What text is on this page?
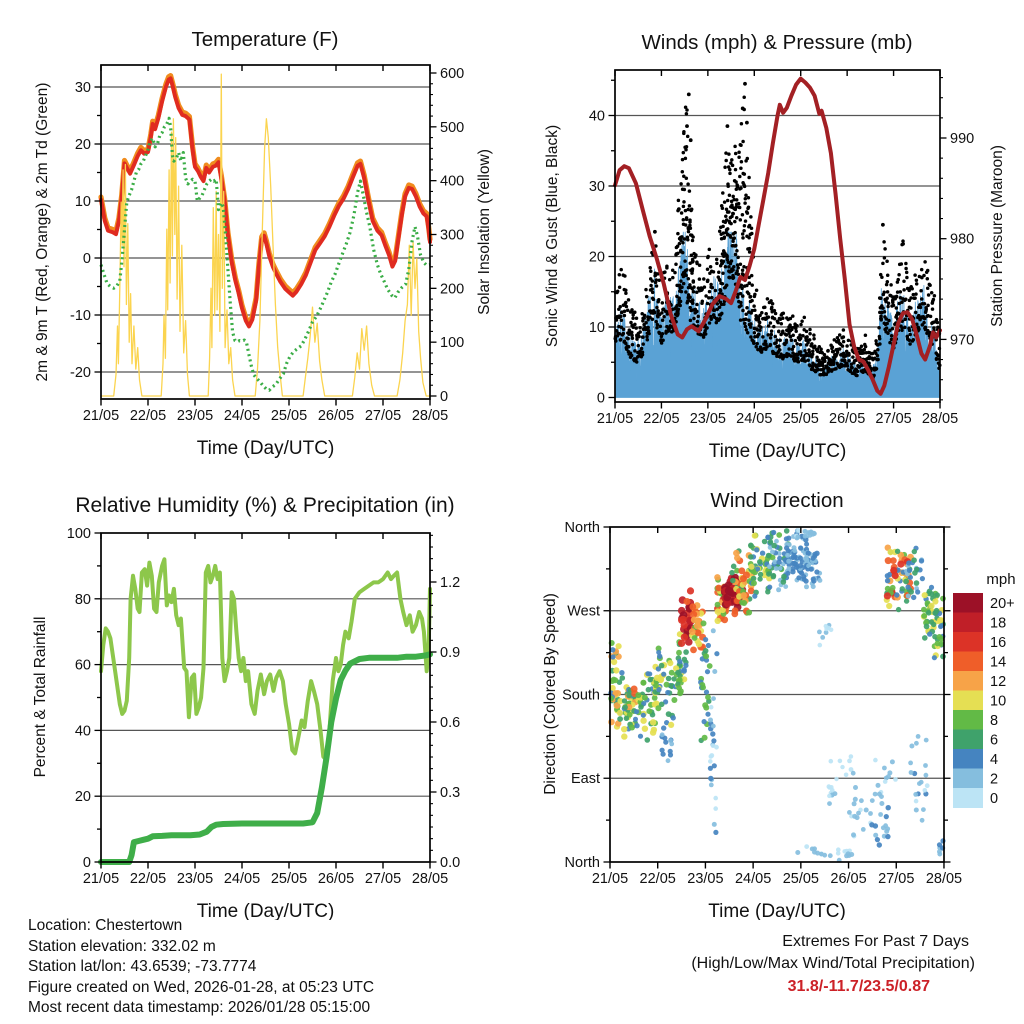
30
20
10
0
-10
-20
600
500
400
300
200
100
0
21/05 22/05 23/05 24/05 25/05 26/05 27/05 28/05
Time (Day/UTC)
Temperature (F)
2m & 9m T (Red, Orange) & 2m Td (Green)	Solar Insolation (Yellow)
40
30
20
10
0
990
980
970
21/05 22/05 23/05 24/05 25/05 26/05 27/05 28/05
Time (Day/UTC)
Winds (mph) & Pressure (mb)
Sonic Wind & Gust (Blue, Black)	Station Pressure (Maroon)
100
80
60
40
20
0
1.2
0.9
0.6
0.3
0.0
21/05 22/05 23/05 24/05 25/05 26/05 27/05 28/05
Time (Day/UTC)
Relative Humidity (%) & Precipitation (in)
Percent & Total Rainfall
North
West
South
East
North
21/05 22/05 23/05 24/05 25/05 26/05 27/05 28/05
Time (Day/UTC)
Wind Direction
Direction (Colored By Speed)
mph
20+
18
16
14
12
10
8
6
4
2
0
Location: Chestertown
Station elevation: 332.02 m
Station lat/lon: 43.6539; -73.7774
Figure created on Wed, 2026-01-28, at 05:23 UTC
Most recent data timestamp: 2026/01/28 05:15:00
Extremes For Past 7 Days
(High/Low/Max Wind/Total Precipitation)
31.8/-11.7/23.5/0.87
